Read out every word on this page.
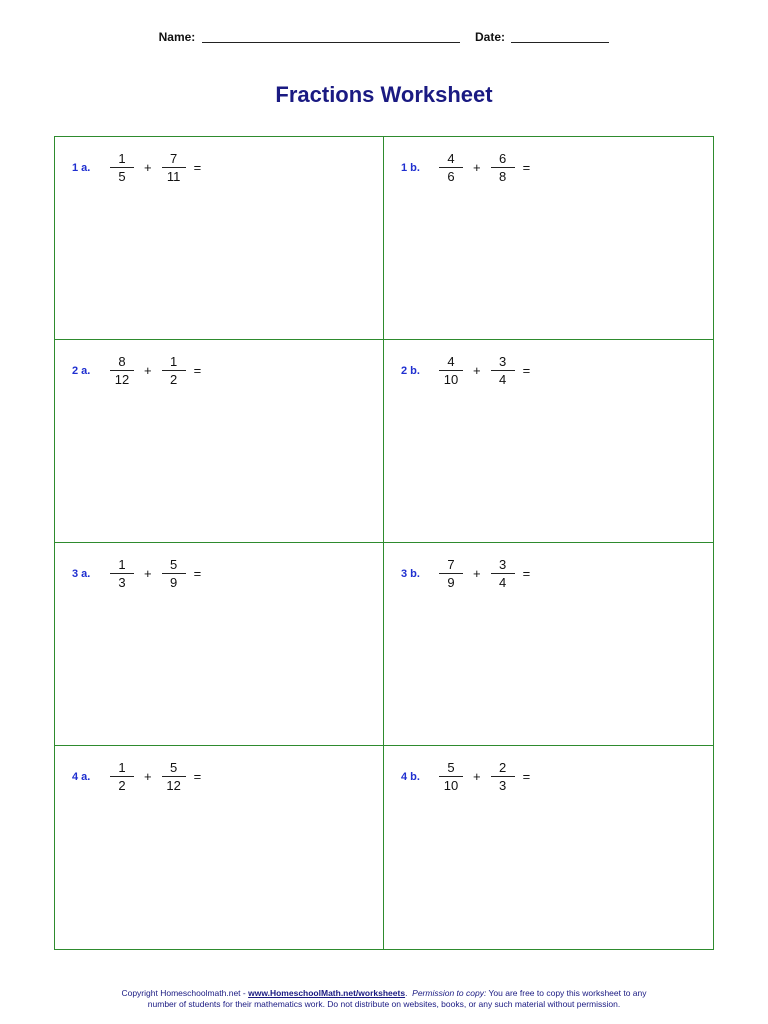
Name:	Date:
Fractions Worksheet
1 a.	$\frac{1}{5} + \frac{7}{11}$ =	1 b.	$\frac{4}{6} + \frac{6}{8}$ =
2 a.	$\frac{8}{12} + \frac{1}{2}$ =	2 b.	$\frac{4}{10} + \frac{3}{4}$ =
3 a.	$\frac{1}{3} + \frac{5}{9}$ =	3 b.	$\frac{7}{9} + \frac{3}{4}$ =
4 a.	$\frac{1}{2} + \frac{5}{12}$ =	4 b.	$\frac{5}{10} + \frac{2}{3}$ =
Copyright Homeschoolmath.net - www.HomeschoolMath.net/worksheets.  Permission to copy: You are free to copy this worksheet to any
number of students for their mathematics work. Do not distribute on websites, books, or any such material without permission.
